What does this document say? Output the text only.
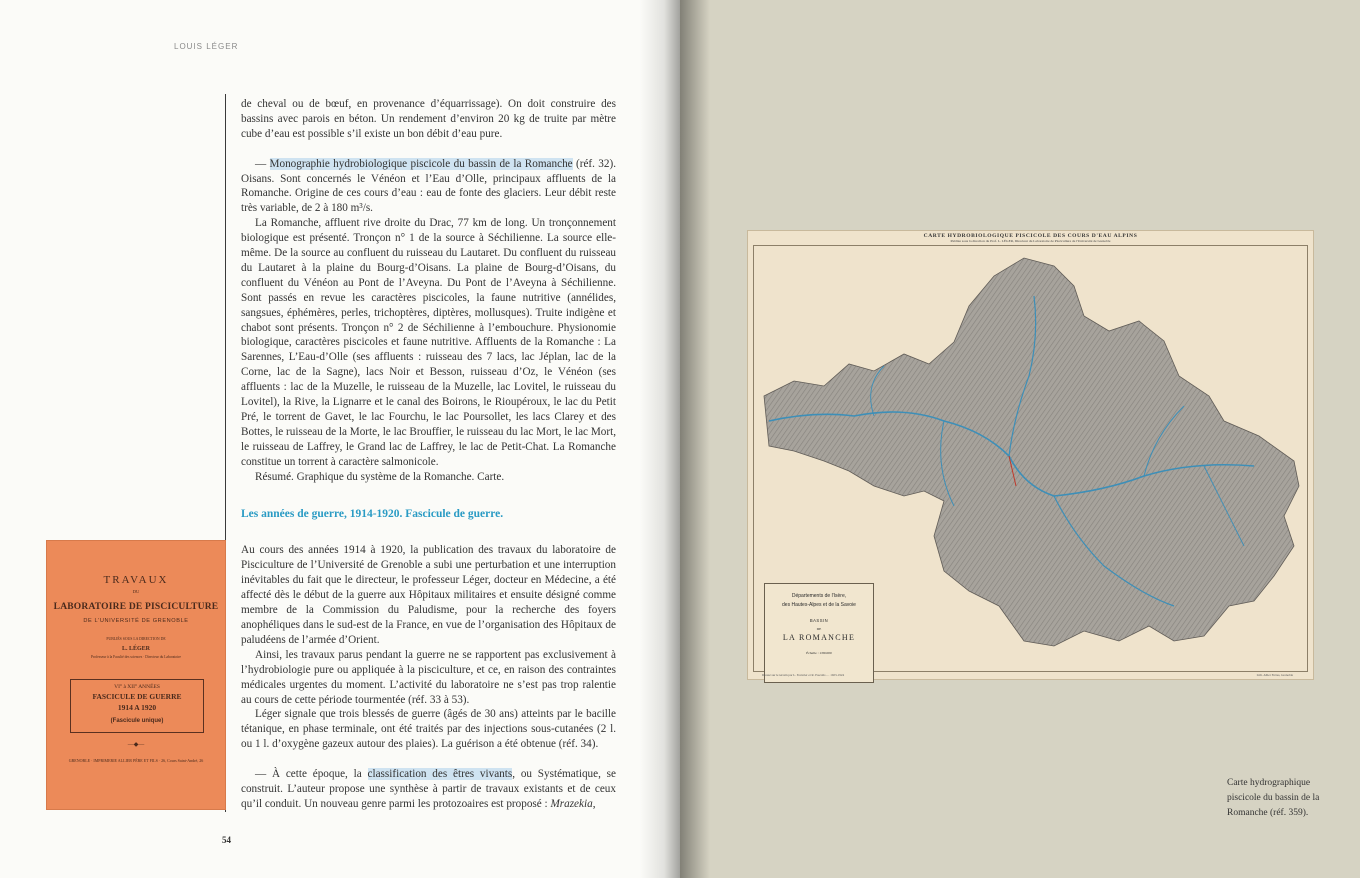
LOUIS LÉGER

de cheval ou de bœuf, en provenance d’équarrissage). On doit construire des bassins avec parois en béton. Un rendement d’environ 20 kg de truite par mètre cube d’eau est possible s’il existe un bon débit d’eau pure.

— Monographie hydrobiologique piscicole du bassin de la Romanche (réf. 32). Oisans. Sont concernés le Vénéon et l’Eau d’Olle, principaux affluents de la Romanche. Origine de ces cours d’eau : eau de fonte des glaciers. Leur débit reste très variable, de 2 à 180 m³/s.

La Romanche, affluent rive droite du Drac, 77 km de long. Un tronçonnement biologique est présenté. Tronçon n° 1 de la source à Séchilienne. La source elle-même. De la source au confluent du ruisseau du Lautaret. Du confluent du ruisseau du Lautaret à la plaine du Bourg-d’Oisans. La plaine de Bourg-d’Oisans, du confluent du Vénéon au Pont de l’Aveyna. Du Pont de l’Aveyna à Séchilienne. Sont passés en revue les caractères piscicoles, la faune nutritive (annélides, sangsues, éphémères, perles, trichoptères, diptères, mollusques). Truite indigène et chabot sont présents. Tronçon n° 2 de Séchilienne à l’embouchure. Physionomie biologique, caractères piscicoles et faune nutritive. Affluents de la Romanche : La Sarennes, L’Eau-d’Olle (ses affluents : ruisseau des 7 lacs, lac Jéplan, lac de la Corne, lac de la Sagne), lacs Noir et Besson, ruisseau d’Oz, le Vénéon (ses affluents : lac de la Muzelle, le ruisseau de la Muzelle, lac Lovitel, le ruisseau du Lovitel), la Rive, la Lignarre et le canal des Boirons, le Rioupéroux, le lac du Petit Pré, le torrent de Gavet, le lac Fourchu, le lac Poursollet, les lacs Clarey et des Bottes, le ruisseau de la Morte, le lac Brouffier, le ruisseau du lac Mort, le lac Mort, le ruisseau de Laffrey, le Grand lac de Laffrey, le lac de Petit-Chat. La Romanche constitue un torrent à caractère salmonicole.

Résumé. Graphique du système de la Romanche. Carte.

Les années de guerre, 1914-1920. Fascicule de guerre.

Au cours des années 1914 à 1920, la publication des travaux du laboratoire de Pisciculture de l’Université de Grenoble a subi une perturbation et une interruption inévitables du fait que le directeur, le professeur Léger, docteur en Médecine, a été affecté dès le début de la guerre aux Hôpitaux militaires et ensuite désigné comme membre de la Commission du Paludisme, pour la recherche des foyers anophéliques dans le sud-est de la France, en vue de l’organisation des Hôpitaux de paludéens de l’armée d’Orient.

Ainsi, les travaux parus pendant la guerre ne se rapportent pas exclusivement à l’hydrobiologie pure ou appliquée à la pisciculture, et ce, en raison des contraintes médicales urgentes du moment. L’activité du laboratoire ne s’est pas trop ralentie au cours de cette période tourmentée (réf. 33 à 53).

Léger signale que trois blessés de guerre (âgés de 30 ans) atteints par le bacille tétanique, en phase terminale, ont été traités par des injections sous-cutanées (2 l. ou 1 l. d’oxygène gazeux autour des plaies). La guérison a été obtenue (réf. 34).

— À cette époque, la classification des êtres vivants, ou Systématique, se construit. L’auteur propose une synthèse à partir de travaux existants et de ceux qu’il conduit. Un nouveau genre parmi les protozoaires est proposé : Mrazekia,

TRAVAUX
DU
LABORATOIRE DE PISCICULTURE
DE L'UNIVERSITÉ DE GRENOBLE
PUBLIÉS SOUS LA DIRECTION DE
L. LÉGER
Professeur à la Faculté des sciences · Directeur du Laboratoire
VI° à XII° ANNÉES
FASCICULE DE GUERRE
1914 A 1920
(Fascicule unique)
—◆—
GRENOBLE · IMPRIMERIE ALLIER PÈRE ET FILS · 26, Cours Saint-André, 26
54
CARTE HYDROBIOLOGIQUE PISCICOLE DES COURS D'EAU ALPINS
Publiée sous la direction du Prof. L. LÉGER, Directeur du Laboratoire de Pisciculture de l'Université de Grenoble
Départements de l'Isère,
des Hautes-Alpes et de la Savoie
BASSIN
DE
LA ROMANCHE
Échelle : 1/80.000
Dressé sur le terrain par L. Feuvrier et R. Pascalis … 1923-1924	Lith. Allier Frères, Grenoble
Carte hydrographique piscicole du bassin de la Romanche (réf. 359).
